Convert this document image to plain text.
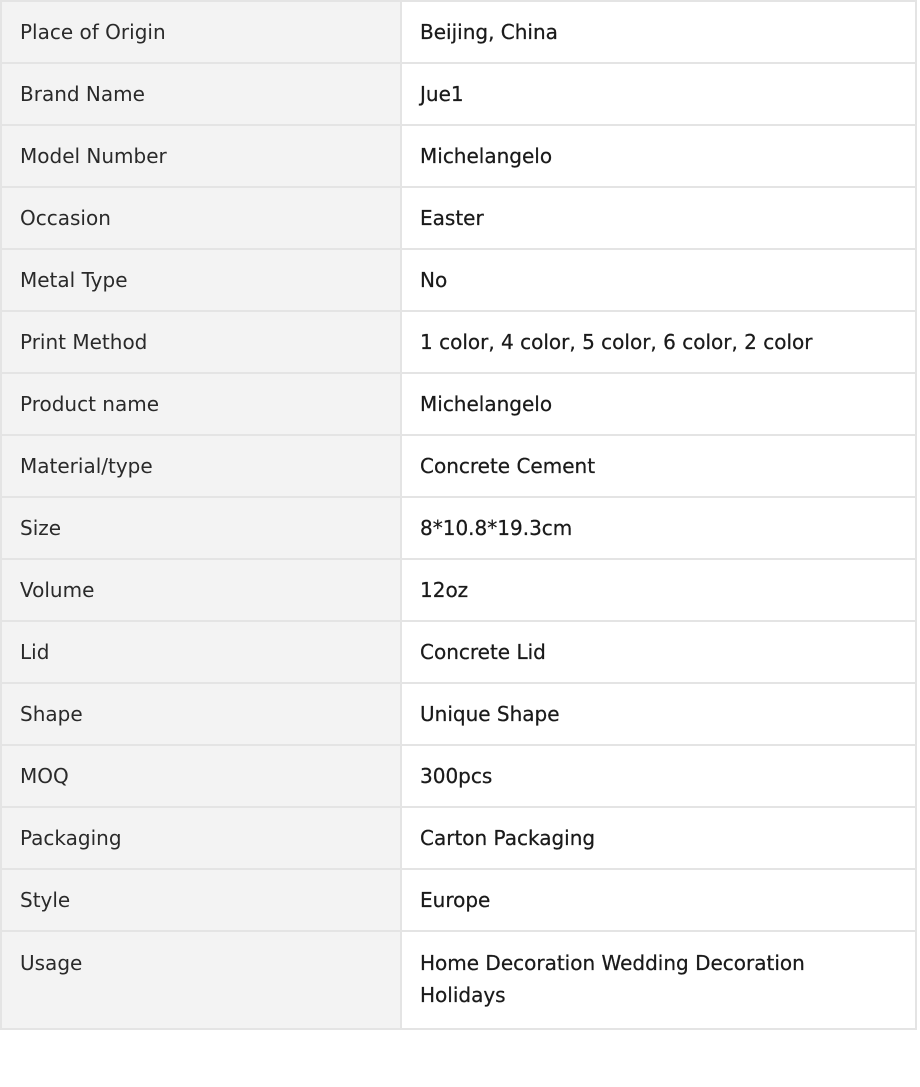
Place of Origin	Beijing, China
Brand Name	Jue1
Model Number	Michelangelo
Occasion	Easter
Metal Type	No
Print Method	1 color, 4 color, 5 color, 6 color, 2 color
Product name	Michelangelo
Material/type	Concrete Cement
Size	8*10.8*19.3cm
Volume	12oz
Lid	Concrete Lid
Shape	Unique Shape
MOQ	300pcs
Packaging	Carton Packaging
Style	Europe
Usage	Home Decoration Wedding Decoration Holidays
